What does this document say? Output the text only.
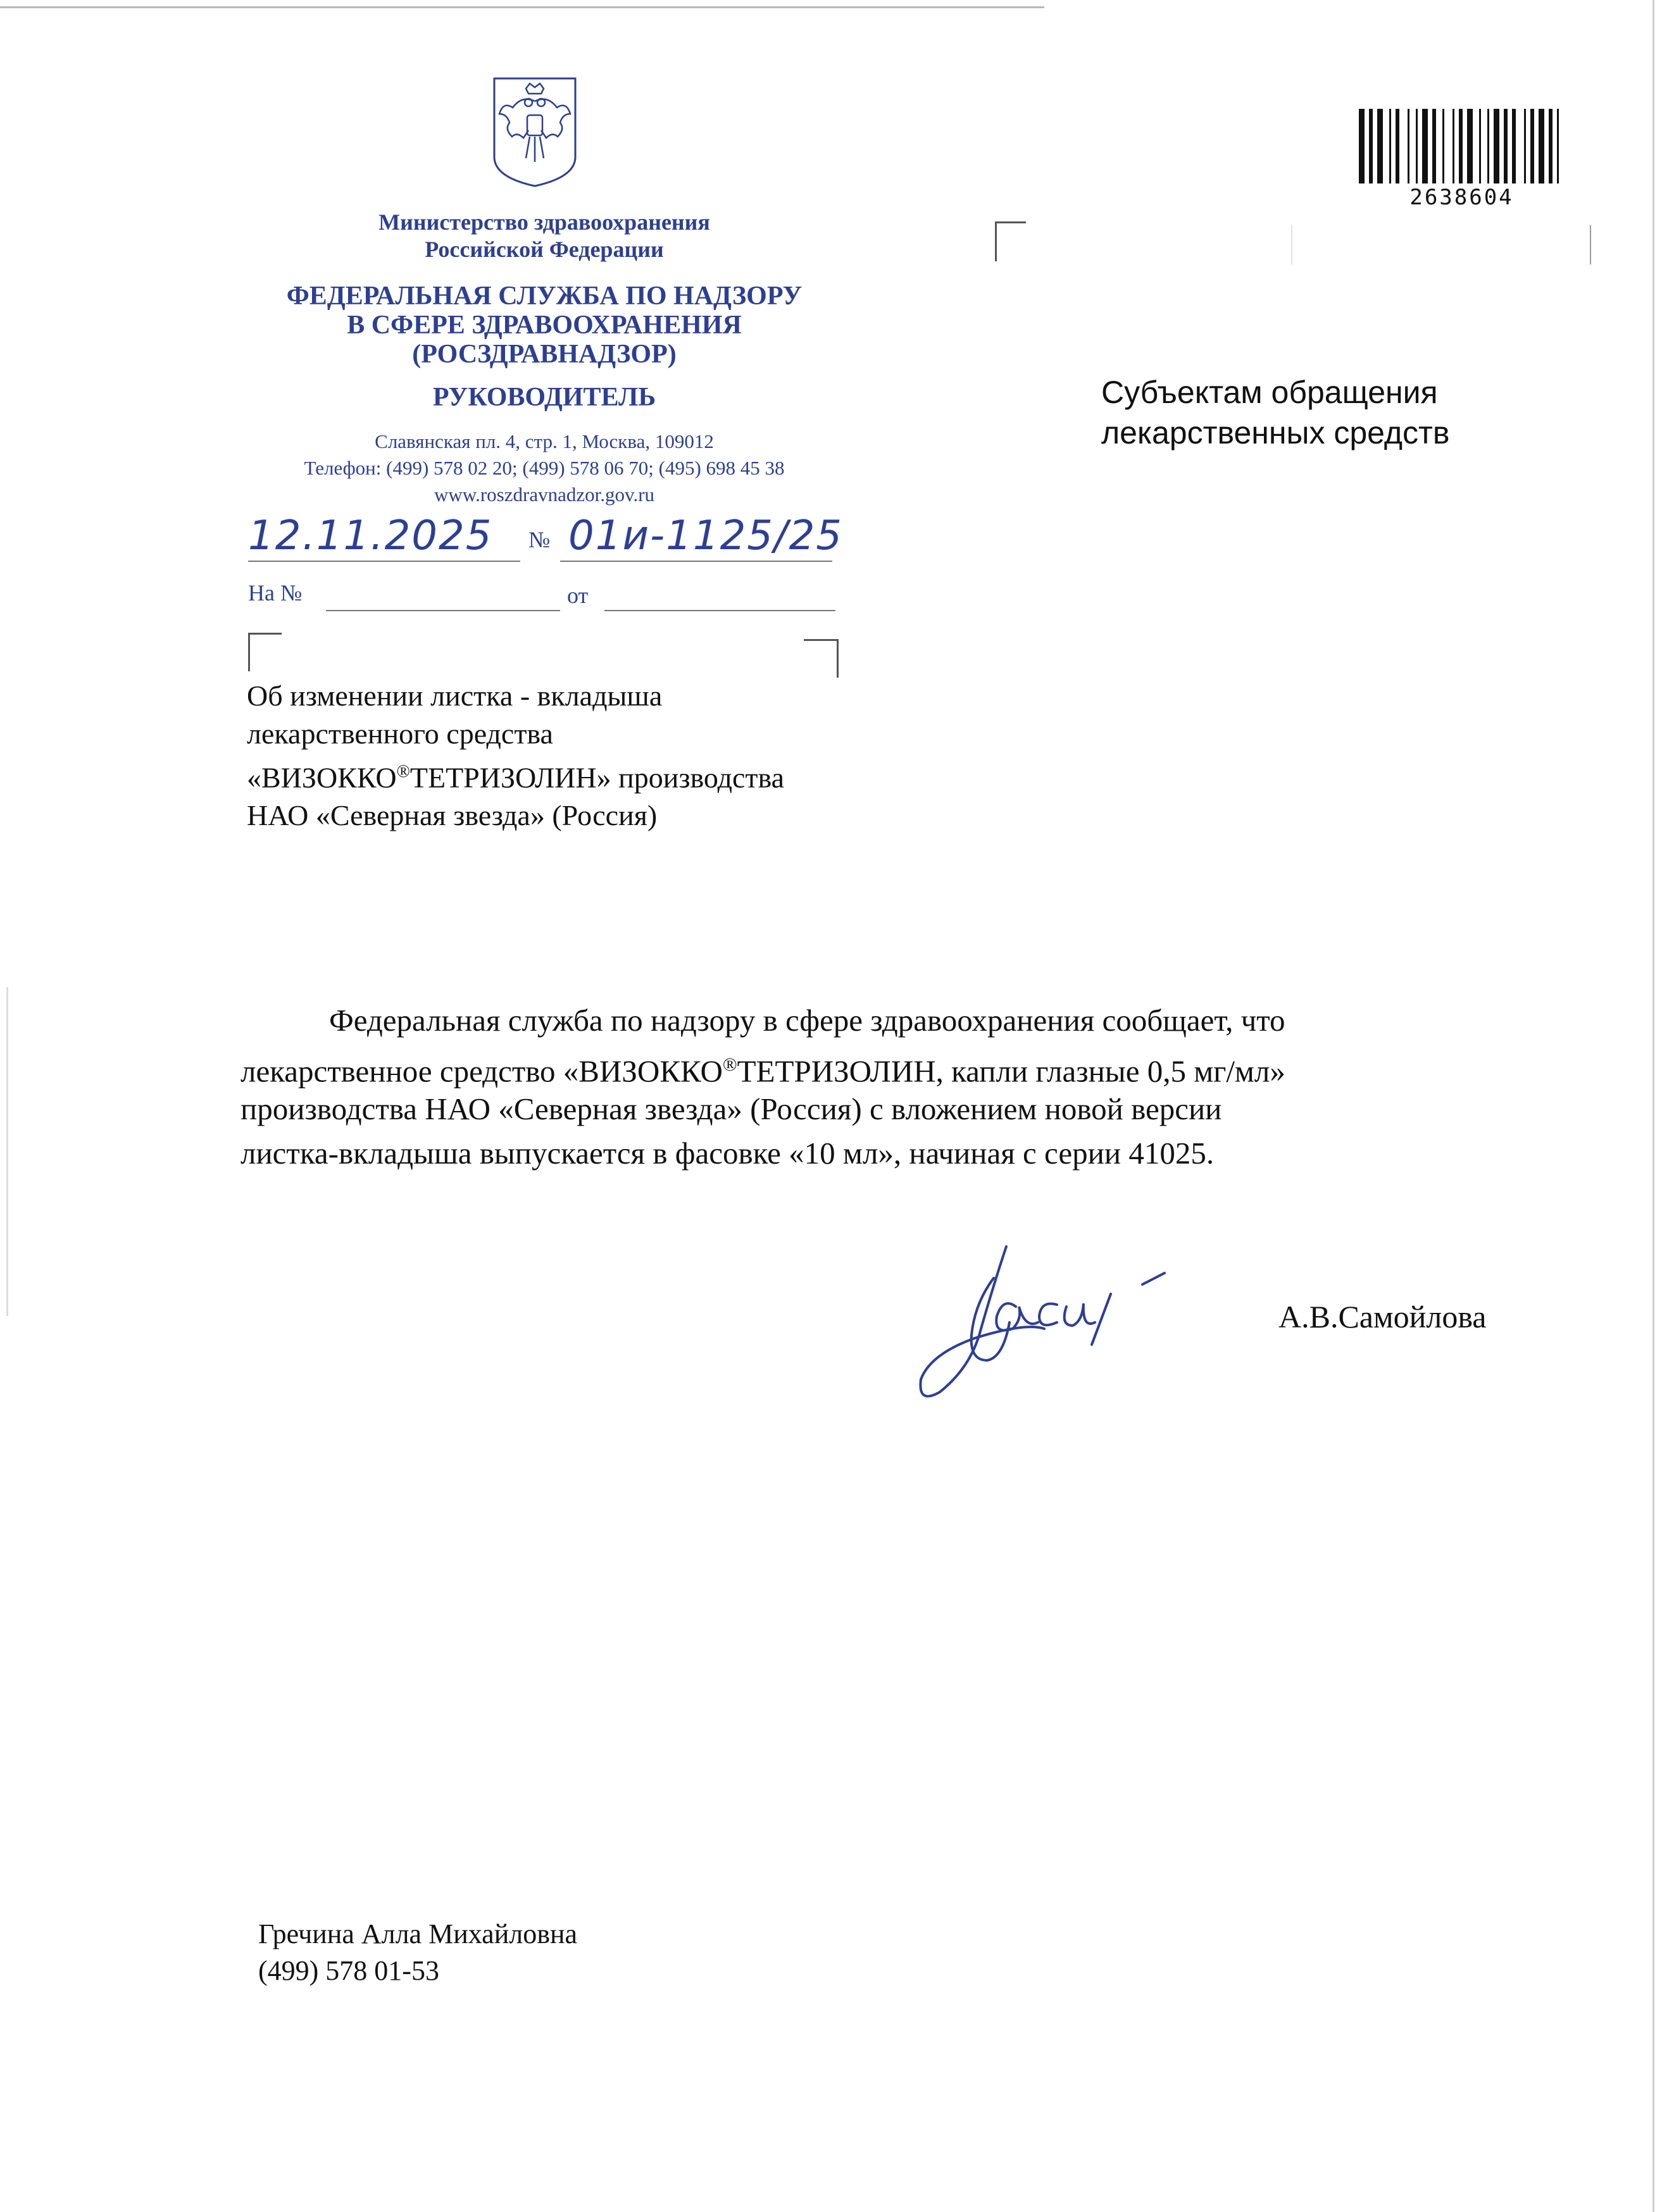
Министерство здравоохранения
Российской Федерации
ФЕДЕРАЛЬНАЯ СЛУЖБА ПО НАДЗОРУ
В СФЕРЕ ЗДРАВООХРАНЕНИЯ
(РОСЗДРАВНАДЗОР)
РУКОВОДИТЕЛЬ
Славянская пл. 4, стр. 1, Москва, 109012
Телефон: (499) 578 02 20; (499) 578 06 70; (495) 698 45 38
www.roszdravnadzor.gov.ru
2638604
12.11.2025 № 01и-1125/25
На №	от
Субъектам обращения
лекарственных средств
Об изменении листка - вкладыша
лекарственного средства
«ВИЗОККО®ТЕТРИЗОЛИН» производства
НАО «Северная звезда» (Россия)
Федеральная служба по надзору в сфере здравоохранения сообщает, что
лекарственное средство «ВИЗОККО®ТЕТРИЗОЛИН, капли глазные 0,5 мг/мл»
производства НАО «Северная звезда» (Россия) с вложением новой версии
листка-вкладыша выпускается в фасовке «10 мл», начиная с серии 41025.
А.В.Самойлова
Гречина Алла Михайловна
(499) 578 01-53
